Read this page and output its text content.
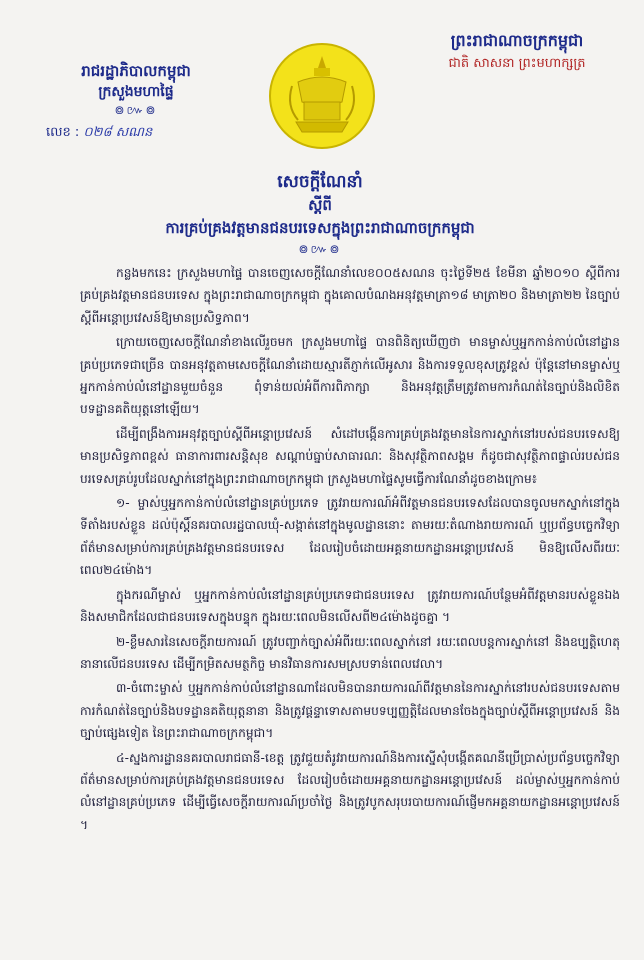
រាជរដ្ឋាភិបាលកម្ពុជា
ក្រសួងមហាផ្ទៃ
៙៚៙
លេខ : ០២៨ សណន
ព្រះរាជាណាចក្រកម្ពុជា
ជាតិ សាសនា ព្រះមហាក្សត្រ
សេចក្តីណែនាំ
ស្តីពី
ការគ្រប់គ្រងវត្តមានជនបរទេសក្នុងព្រះរាជាណាចក្រកម្ពុជា
៙៚៙

កន្លងមកនេះ ក្រសួងមហាផ្ទៃ បានចេញសេចក្តីណែនាំលេខ០០៥សណន ចុះថ្ងៃទី២៥ ខែមីនា ឆ្នាំ២០១០ ស្តីពីការគ្រប់គ្រងវត្តមានជនបរទេស ក្នុងព្រះរាជាណាចក្រកម្ពុជា ក្នុងគោលបំណងអនុវត្តមាត្រា១៨ មាត្រា២០ និងមាត្រា២២ នៃច្បាប់ស្តីពីអន្តោប្រវេសន៍ឱ្យមានប្រសិទ្ធភាព។

ក្រោយចេញសេចក្តីណែនាំខាងលើរួចមក ក្រសួងមហាផ្ទៃ បានពិនិត្យឃើញថា មានម្ចាស់ឬអ្នកកាន់កាប់លំនៅដ្ឋានគ្រប់ប្រភេទជាច្រើន បានអនុវត្តតាមសេចក្តីណែនាំដោយស្មារតីភ្ញាក់លើអូសារ និងការទទួលខុសត្រូវខ្ពស់ ប៉ុន្តែនៅមានម្ចាស់ឬអ្នកកាន់កាប់លំនៅដ្ឋានមួយចំនួន ពុំទាន់យល់អំពីការពិភាក្សា និងអនុវត្តត្រឹមត្រូវតាមការកំណត់នៃច្បាប់និងលិខិតបទដ្ឋានគតិយុត្តនៅឡើយ។

ដើម្បីពង្រឹងការអនុវត្តច្បាប់ស្តីពីអន្តោប្រវេសន៍ សំដៅបង្កើនការគ្រប់គ្រងវត្តមាននៃការស្នាក់នៅរបស់ជនបរទេសឱ្យមានប្រសិទ្ធភាពខ្ពស់ ធានាការពារសន្តិសុខ សណ្តាប់ធ្នាប់សាធារណៈ និងសុវត្ថិភាពសង្គម ក៏ដូចជាសុវត្ថិភាពផ្ទាល់របស់ជនបរទេសគ្រប់រូបដែលស្នាក់នៅក្នុងព្រះរាជាណាចក្រកម្ពុជា ក្រសួងមហាផ្ទៃសូមធ្វើការណែនាំដូចខាងក្រោម៖

១- ម្ចាស់ឬអ្នកកាន់កាប់លំនៅដ្ឋានគ្រប់ប្រភេទ ត្រូវរាយការណ៍អំពីវត្តមានជនបរទេសដែលបានចូលមកស្នាក់នៅក្នុងទីតាំងរបស់ខ្លួន ដល់ប៉ុស្តិ៍នគរបាលរដ្ឋបាលឃុំ-សង្កាត់នៅក្នុងមូលដ្ឋាននោះ តាមរយៈតំណាងរាយការណ៍ ឬប្រព័ន្ធបច្ចេកវិទ្យាព័ត៌មានសម្រាប់ការគ្រប់គ្រងវត្តមានជនបរទេស ដែលរៀបចំដោយអគ្គនាយកដ្ឋានអន្តោប្រវេសន៍ មិនឱ្យលើសពីរយៈពេល២៤ម៉ោង។

ក្នុងករណីម្ចាស់ ឬអ្នកកាន់កាប់លំនៅដ្ឋានគ្រប់ប្រភេទជាជនបរទេស ត្រូវរាយការណ៍បន្ថែមអំពីវត្តមានរបស់ខ្លួនឯង និងសមាជិកដែលជាជនបរទេសក្នុងបន្ទុក ក្នុងរយៈពេលមិនលើសពី២៤ម៉ោងដូចគ្នា ។

២-ខ្លឹមសារនៃសេចក្តីរាយការណ៍ ត្រូវបញ្ជាក់ច្បាស់អំពីរយៈពេលស្នាក់នៅ រយៈពេលបន្តការស្នាក់នៅ និងឧប្បត្តិហេតុនានាលើជនបរទេស ដើម្បីកម្រិតសមត្ថកិច្ច មានវិធានការសមស្របទាន់ពេលវេលា។

៣-ចំពោះម្ចាស់ ឬអ្នកកាន់កាប់លំនៅដ្ឋានណាដែលមិនបានរាយការណ៍ពីវត្តមាននៃការស្នាក់នៅរបស់ជនបរទេសតាមការកំណត់នៃច្បាប់និងបទដ្ឋានគតិយុត្តនានា និងត្រូវផ្តន្ទាទោសតាមបទប្បញ្ញត្តិដែលមានចែងក្នុងច្បាប់ស្តីពីអន្តោប្រវេសន៍ និងច្បាប់ផ្សេងទៀត នៃព្រះរាជាណាចក្រកម្ពុជា។

៤-ស្នងការដ្ឋាននគរបាលរាជធានី-ខេត្ត ត្រូវជួយតំរូវរាយការណ៍និងការស្នើសុំបង្កើតគណនីប្រើប្រាស់ប្រព័ន្ធបច្ចេកវិទ្យាព័ត៌មានសម្រាប់ការគ្រប់គ្រងវត្តមានជនបរទេស ដែលរៀបចំដោយអគ្គនាយកដ្ឋានអន្តោប្រវេសន៍ ដល់ម្ចាស់ឬអ្នកកាន់កាប់លំនៅដ្ឋានគ្រប់ប្រភេទ ដើម្បីធ្វើសេចក្តីរាយការណ៍ប្រចាំថ្ងៃ និងត្រូវបូកសរុបរបាយការណ៍ផ្ញើមកអគ្គនាយកដ្ឋានអន្តោប្រវេសន៍ ។
